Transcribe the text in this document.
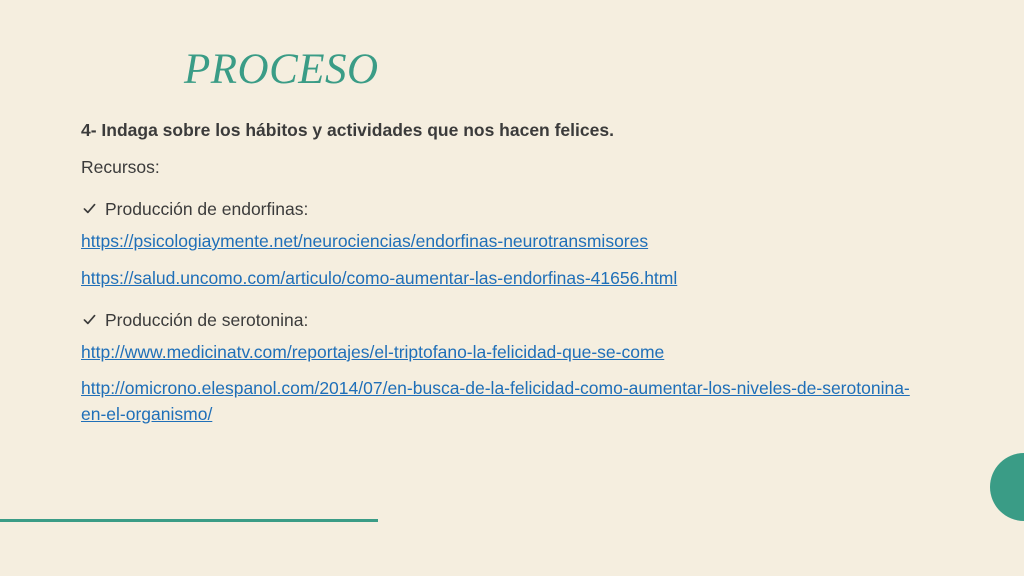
PROCESO
4- Indaga sobre los hábitos y actividades que nos hacen felices.
Recursos:
Producción de endorfinas:
https://psicologiaymente.net/neurociencias/endorfinas-neurotransmisores
https://salud.uncomo.com/articulo/como-aumentar-las-endorfinas-41656.html
Producción de serotonina:
http://www.medicinatv.com/reportajes/el-triptofano-la-felicidad-que-se-come
http://omicrono.elespanol.com/2014/07/en-busca-de-la-felicidad-como-aumentar-los-niveles-de-serotonina-en-el-organismo/
